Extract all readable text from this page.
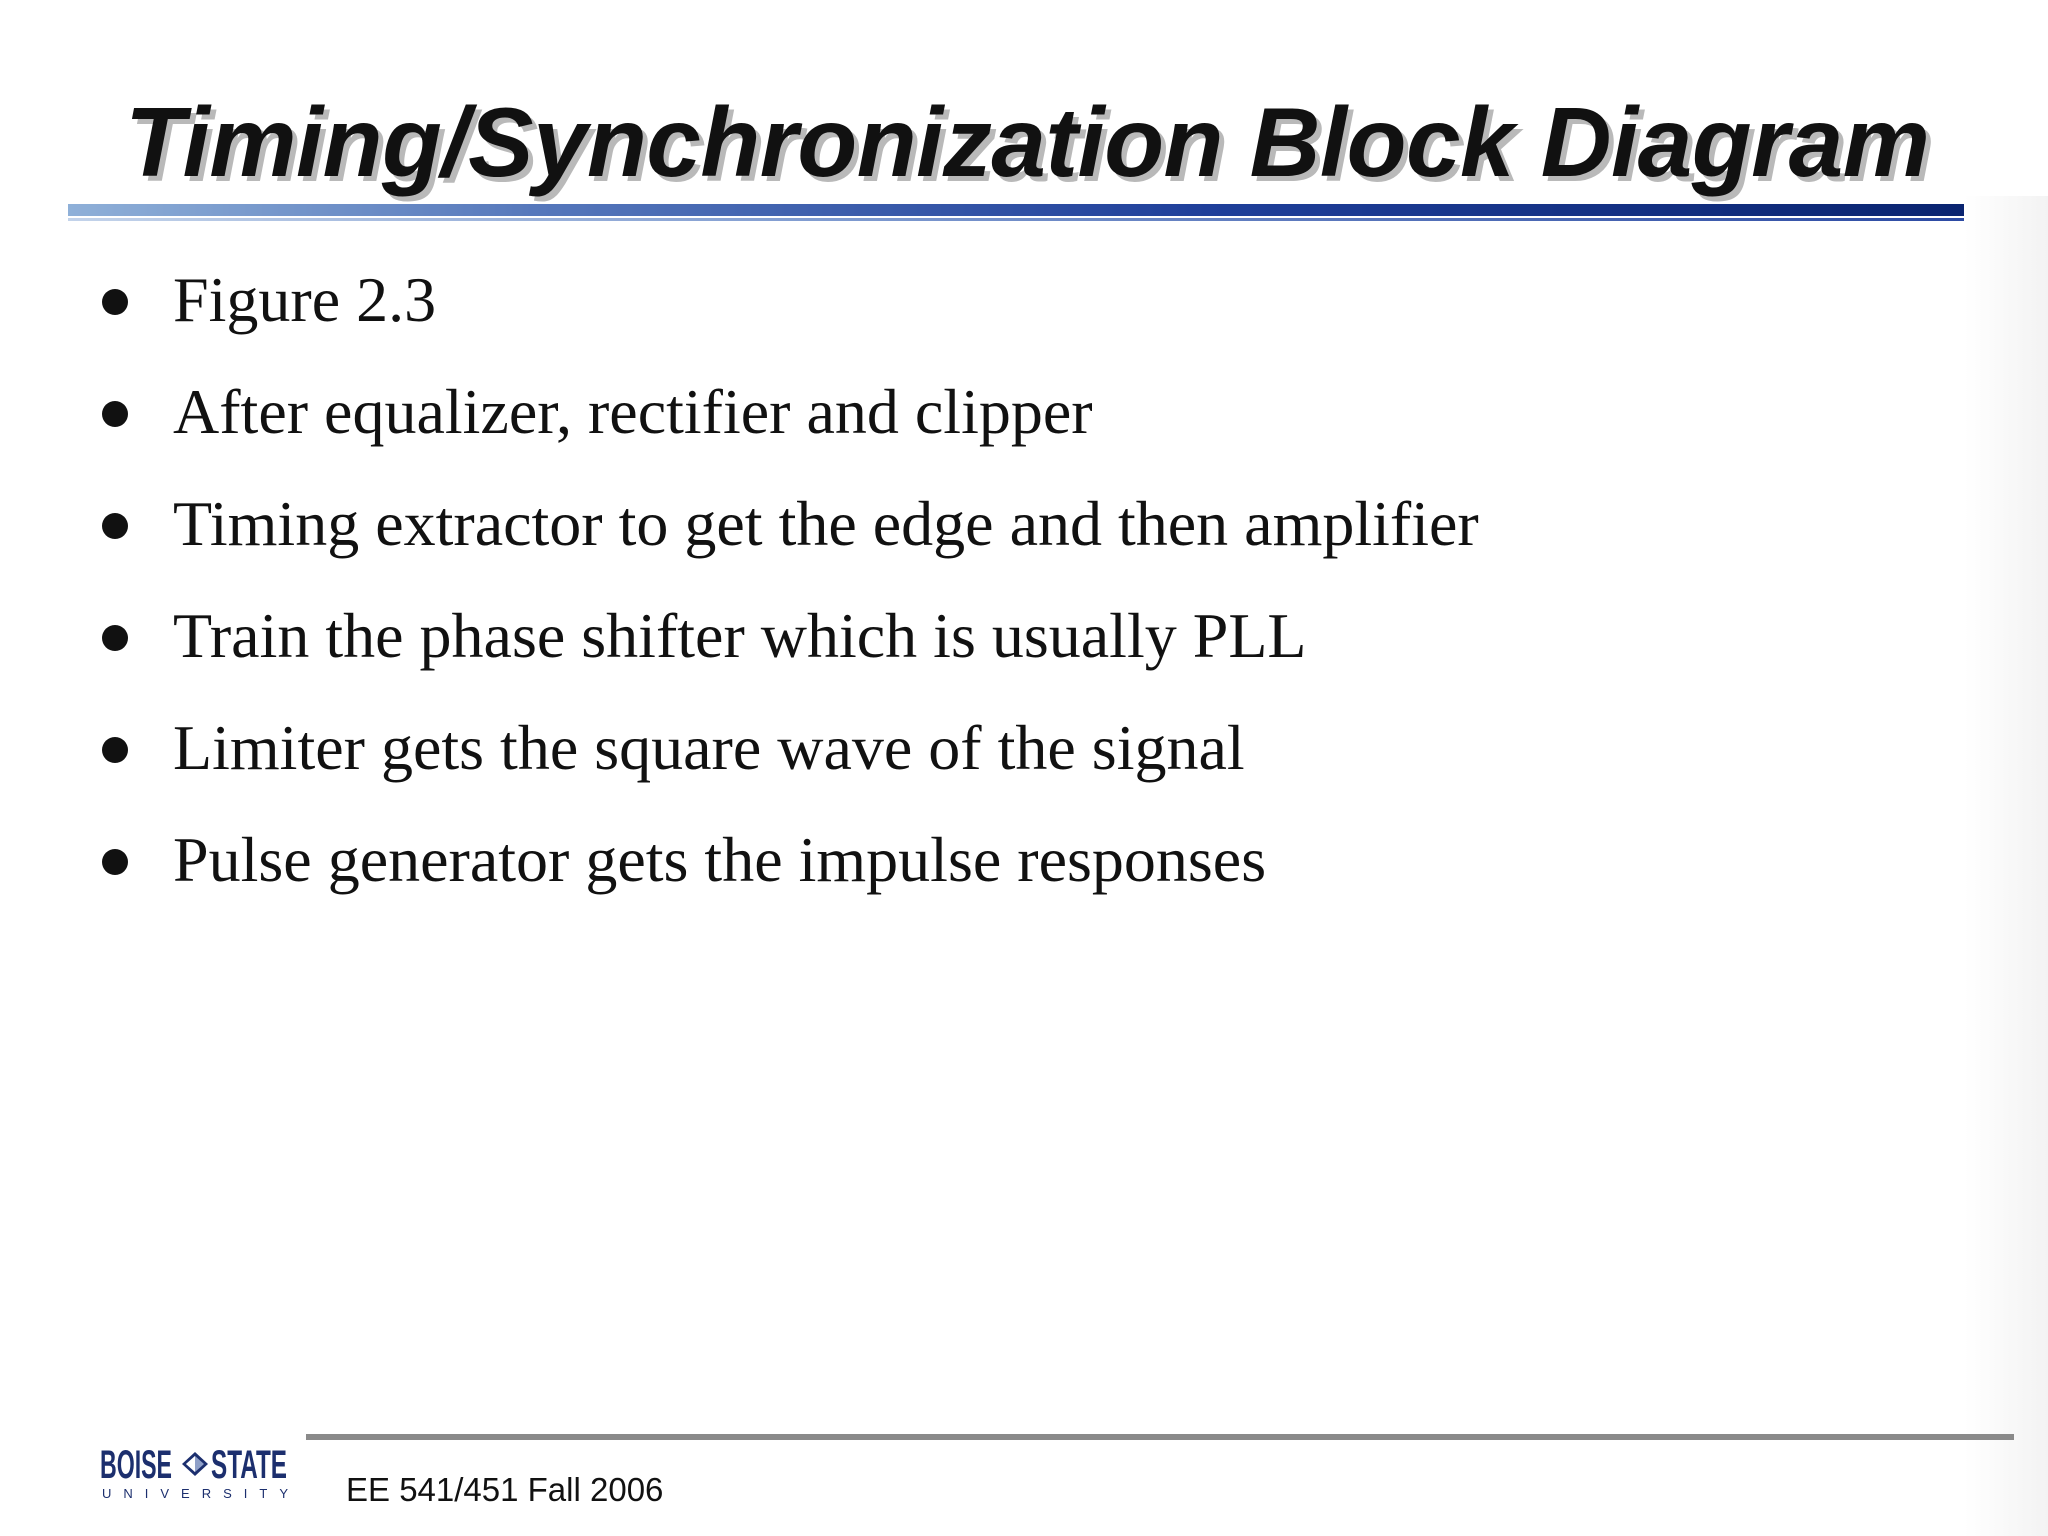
Timing/Synchronization Block Diagram
Figure 2.3
After equalizer, rectifier and clipper
Timing extractor to get the edge and then amplifier
Train the phase shifter which is usually PLL
Limiter gets the square wave of the signal
Pulse generator gets the impulse responses
BOISE STATE
UNIVERSITY EE 541/451 Fall 2006
